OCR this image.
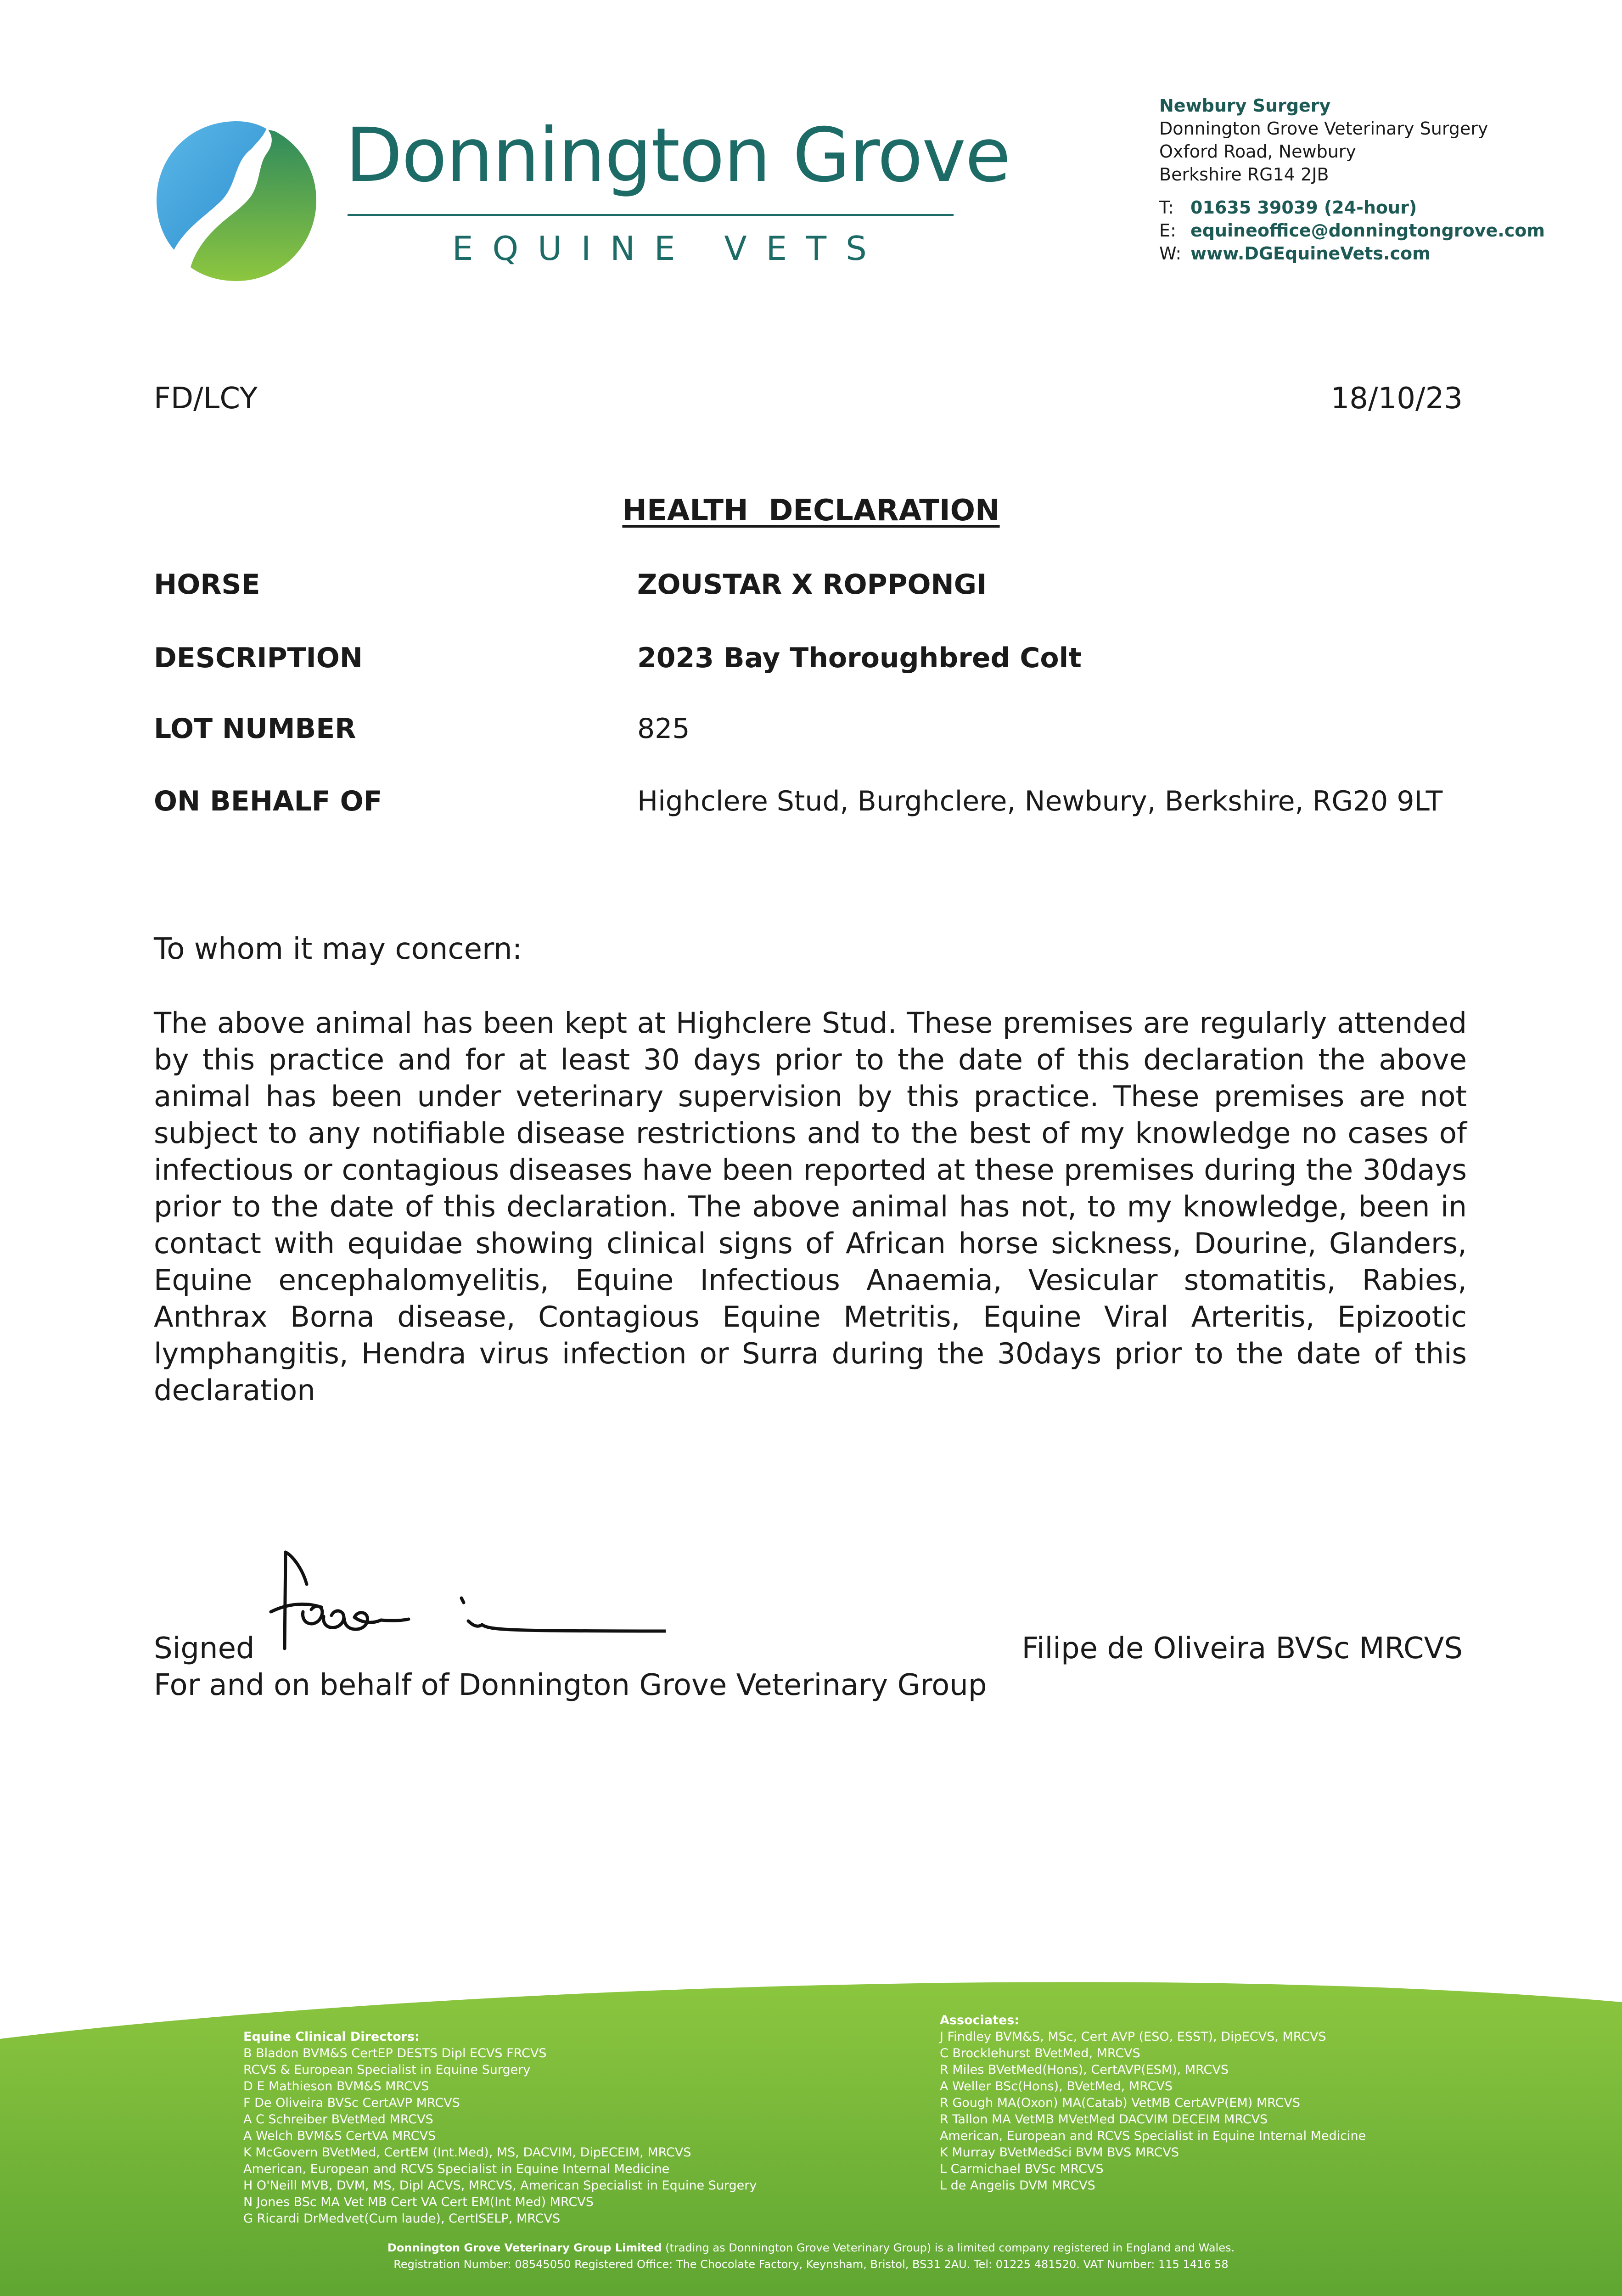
Donnington Grove
EQUINE VETS
Newbury Surgery
Donnington Grove Veterinary Surgery
Oxford Road, Newbury
Berkshire RG14 2JB
T: 01635 39039 (24-hour)
E: equineoffice@donningtongrove.com
W: www.DGEquineVets.com
FD/LCY	18/10/23
HEALTH  DECLARATION
HORSE	ZOUSTAR X ROPPONGI
DESCRIPTION	2023 Bay Thoroughbred Colt
LOT NUMBER	825
ON BEHALF OF	Highclere Stud, Burghclere, Newbury, Berkshire, RG20 9LT
To whom it may concern:
The above animal has been kept at Highclere Stud. These premises are regularly attended by this practice and for at least 30 days prior to the date of this declaration the above animal has been under veterinary supervision by this practice. These premises are not subject to any notifiable disease restrictions and to the best of my knowledge no cases of infectious or contagious diseases have been reported at these premises during the 30days prior to the date of this declaration. The above animal has not, to my knowledge, been in contact with equidae showing clinical signs of African horse sickness, Dourine, Glanders, Equine encephalomyelitis, Equine Infectious Anaemia, Vesicular stomatitis, Rabies, Anthrax Borna disease, Contagious Equine Metritis, Equine Viral Arteritis, Epizootic lymphangitis, Hendra virus infection or Surra during the 30days prior to the date of this declaration
Signed	Filipe de Oliveira BVSc MRCVS
For and on behalf of Donnington Grove Veterinary Group
Equine Clinical Directors:
B Bladon BVM&S CertEP DESTS Dipl ECVS FRCVS
RCVS & European Specialist in Equine Surgery
D E Mathieson BVM&S MRCVS
F De Oliveira BVSc CertAVP MRCVS
A C Schreiber BVetMed MRCVS
A Welch BVM&S CertVA MRCVS
K McGovern BVetMed, CertEM (Int.Med), MS, DACVIM, DipECEIM, MRCVS
American, European and RCVS Specialist in Equine Internal Medicine
H O'Neill MVB, DVM, MS, Dipl ACVS, MRCVS, American Specialist in Equine Surgery
N Jones BSc MA Vet MB Cert VA Cert EM(Int Med) MRCVS
G Ricardi DrMedvet(Cum laude), CertISELP, MRCVS
Associates:
J Findley BVM&S, MSc, Cert AVP (ESO, ESST), DipECVS, MRCVS
C Brocklehurst BVetMed, MRCVS
R Miles BVetMed(Hons), CertAVP(ESM), MRCVS
A Weller BSc(Hons), BVetMed, MRCVS
R Gough MA(Oxon) MA(Catab) VetMB CertAVP(EM) MRCVS
R Tallon MA VetMB MVetMed DACVIM DECEIM MRCVS
American, European and RCVS Specialist in Equine Internal Medicine
K Murray BVetMedSci BVM BVS MRCVS
L Carmichael BVSc MRCVS
L de Angelis DVM MRCVS
Donnington Grove Veterinary Group Limited (trading as Donnington Grove Veterinary Group) is a limited company registered in England and Wales.
Registration Number: 08545050 Registered Office: The Chocolate Factory, Keynsham, Bristol, BS31 2AU. Tel: 01225 481520. VAT Number: 115 1416 58
